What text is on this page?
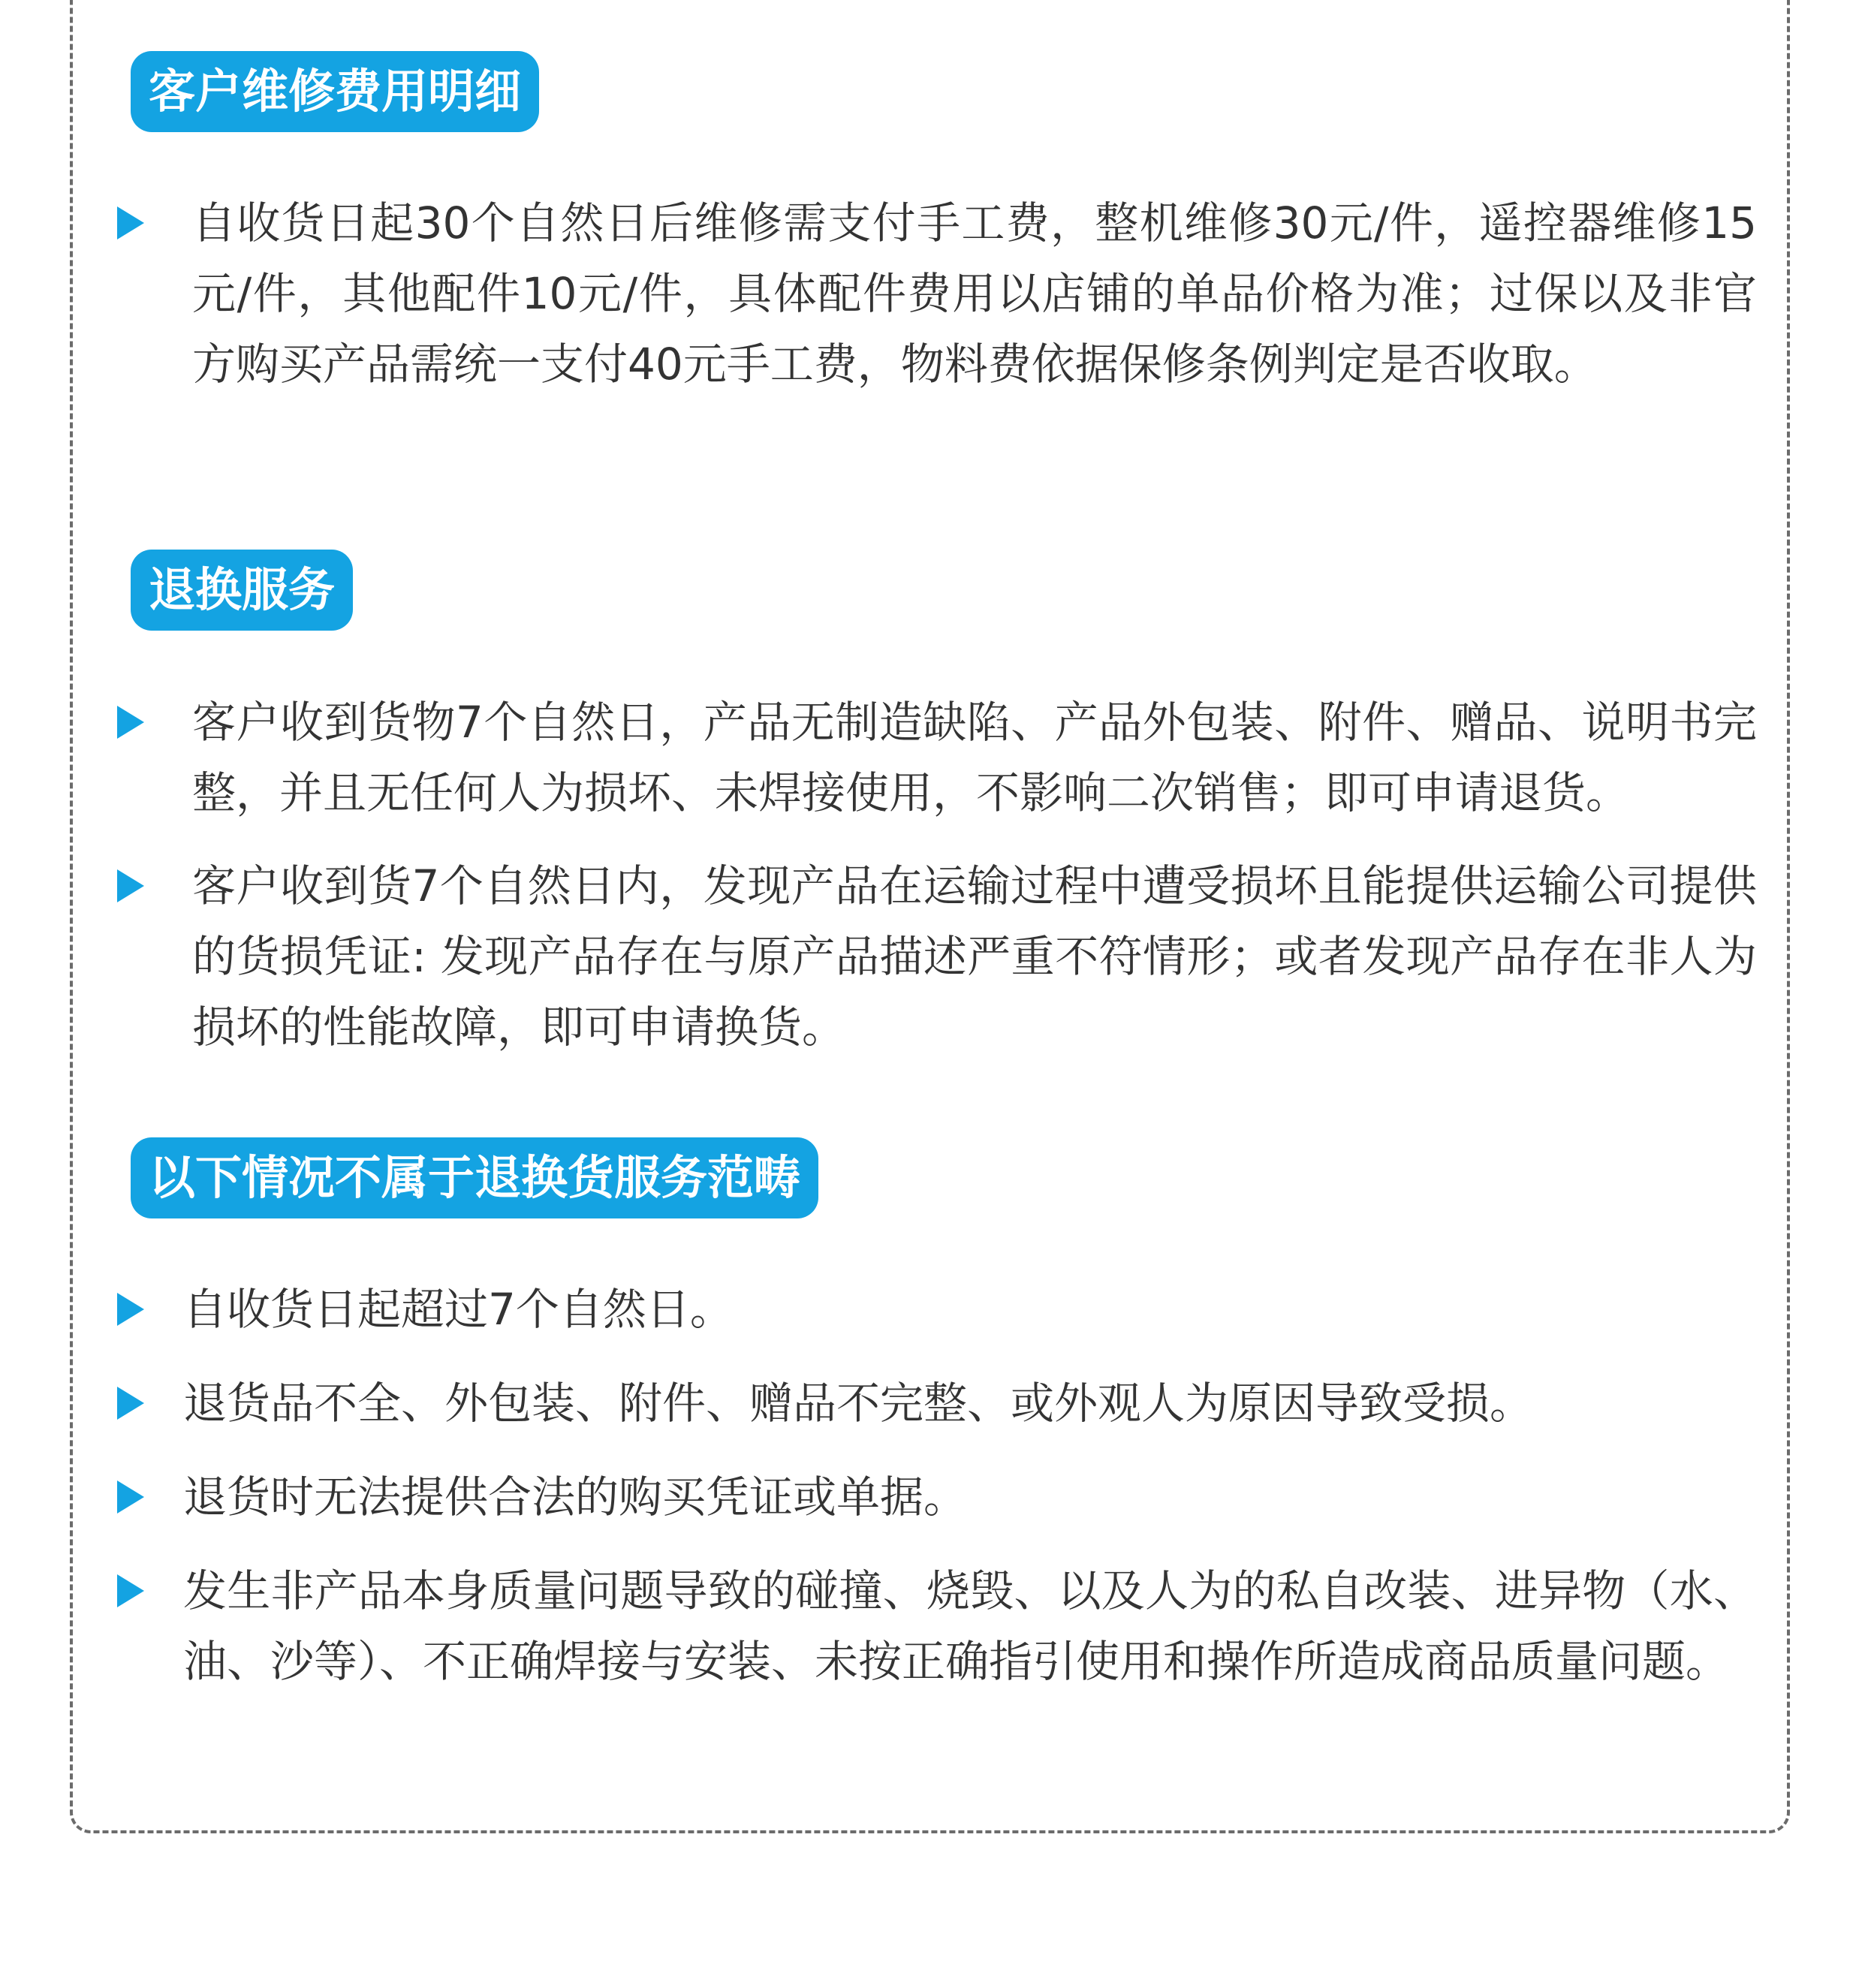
客户维修费用明细
自收货日起30个自然日后维修需支付手工费，整机维修30元/件，遥控器维修15元/件，其他配件10元/件，具体配件费用以店铺的单品价格为准；过保以及非官方购买产品需统一支付40元手工费，物料费依据保修条例判定是否收取。
退换服务
客户收到货物7个自然日，产品无制造缺陷、产品外包装、附件、赠品、说明书完整，并且无任何人为损坏、未焊接使用，不影响二次销售；即可申请退货。
客户收到货7个自然日内，发现产品在运输过程中遭受损坏且能提供运输公司提供的货损凭证: 发现产品存在与原产品描述严重不符情形；或者发现产品存在非人为损坏的性能故障，即可申请换货。
以下情况不属于退换货服务范畴
自收货日起超过7个自然日。
退货品不全、外包装、附件、赠品不完整、或外观人为原因导致受损。
退货时无法提供合法的购买凭证或单据。
发生非产品本身质量问题导致的碰撞、烧毁、以及人为的私自改装、进异物（水、油、沙等）、不正确焊接与安装、未按正确指引使用和操作所造成商品质量问题。
